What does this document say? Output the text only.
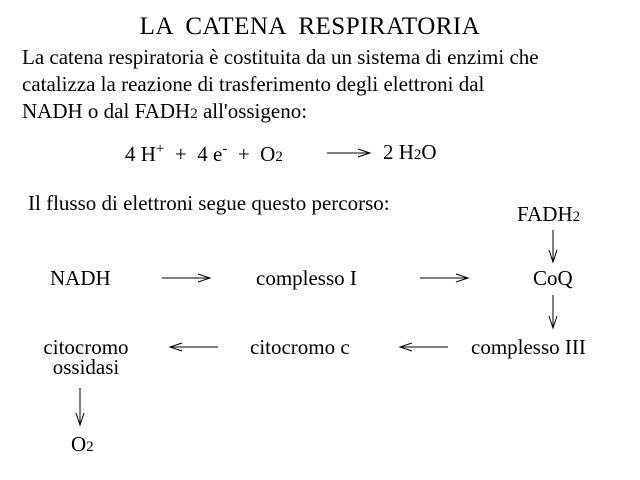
LA CATENA RESPIRATORIA
La catena respiratoria è costituita da un sistema di enzimi che
catalizza la reazione di trasferimento degli elettroni dal
NADH o dal FADH2 all'ossigeno:
4 H+  +  4 e-  +  O2	2 H2O
Il flusso di elettroni segue questo percorso:	FADH2
NADH	complesso I	CoQ
citocromo
ossidasi
citocromo c	complesso III
O2
